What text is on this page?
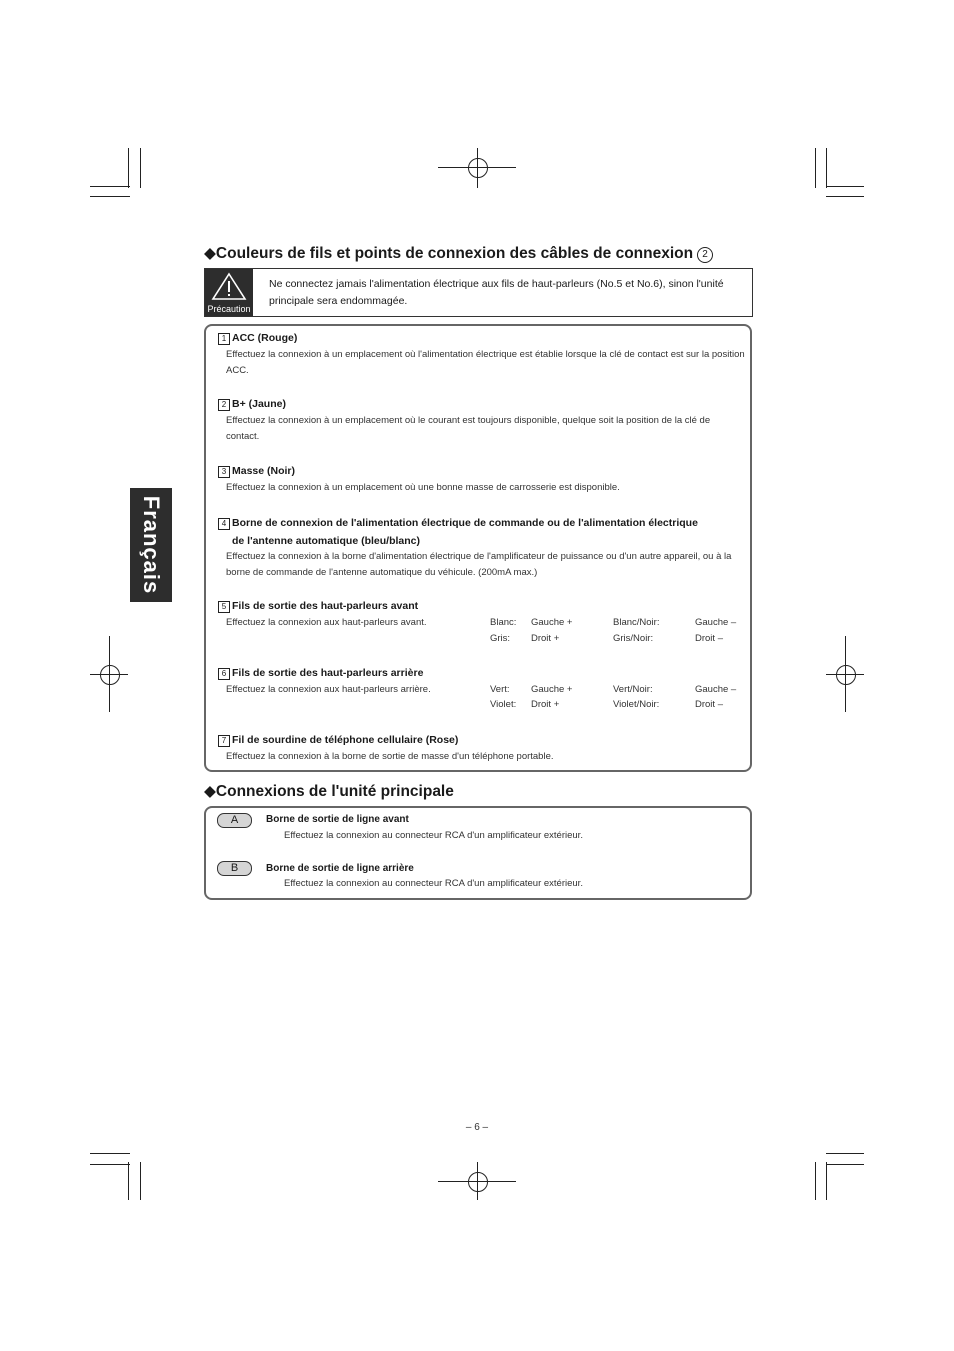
Français
◆Couleurs de fils et points de connexion des câbles de connexion 2
Précaution
Ne connectez jamais l'alimentation électrique aux fils de haut-parleurs (No.5 et No.6), sinon l'unité principale sera endommagée.
1 ACC (Rouge)
Effectuez la connexion à un emplacement où l'alimentation électrique est établie lorsque la clé de contact est sur la position ACC.
2 B+ (Jaune)
Effectuez la connexion à un emplacement où le courant est toujours disponible, quelque soit la position de la clé de contact.
3 Masse (Noir)
Effectuez la connexion à un emplacement où une bonne masse de carrosserie est disponible.
4 Borne de connexion de l'alimentation électrique de commande ou de l'alimentation électrique
de l'antenne automatique (bleu/blanc)
Effectuez la connexion à la borne d'alimentation électrique de l'amplificateur de puissance ou d'un autre appareil, ou à la borne de commande de l'antenne automatique du véhicule. (200mA max.)
5 Fils de sortie des haut-parleurs avant
Effectuez la connexion aux haut-parleurs avant.	Blanc: Gauche +	Blanc/Noir:	Gauche –
Gris: Droit +	Gris/Noir:	Droit –
6 Fils de sortie des haut-parleurs arrière
Effectuez la connexion aux haut-parleurs arrière.	Vert: Gauche +	Vert/Noir:	Gauche –
Violet: Droit +	Violet/Noir:	Droit –
7 Fil de sourdine de téléphone cellulaire (Rose)
Effectuez la connexion à la borne de sortie de masse d'un téléphone portable.
◆Connexions de l'unité principale
A	Borne de sortie de ligne avant
Effectuez la connexion au connecteur RCA d'un amplificateur extérieur.
B	Borne de sortie de ligne arrière
Effectuez la connexion au connecteur RCA d'un amplificateur extérieur.
– 6 –
